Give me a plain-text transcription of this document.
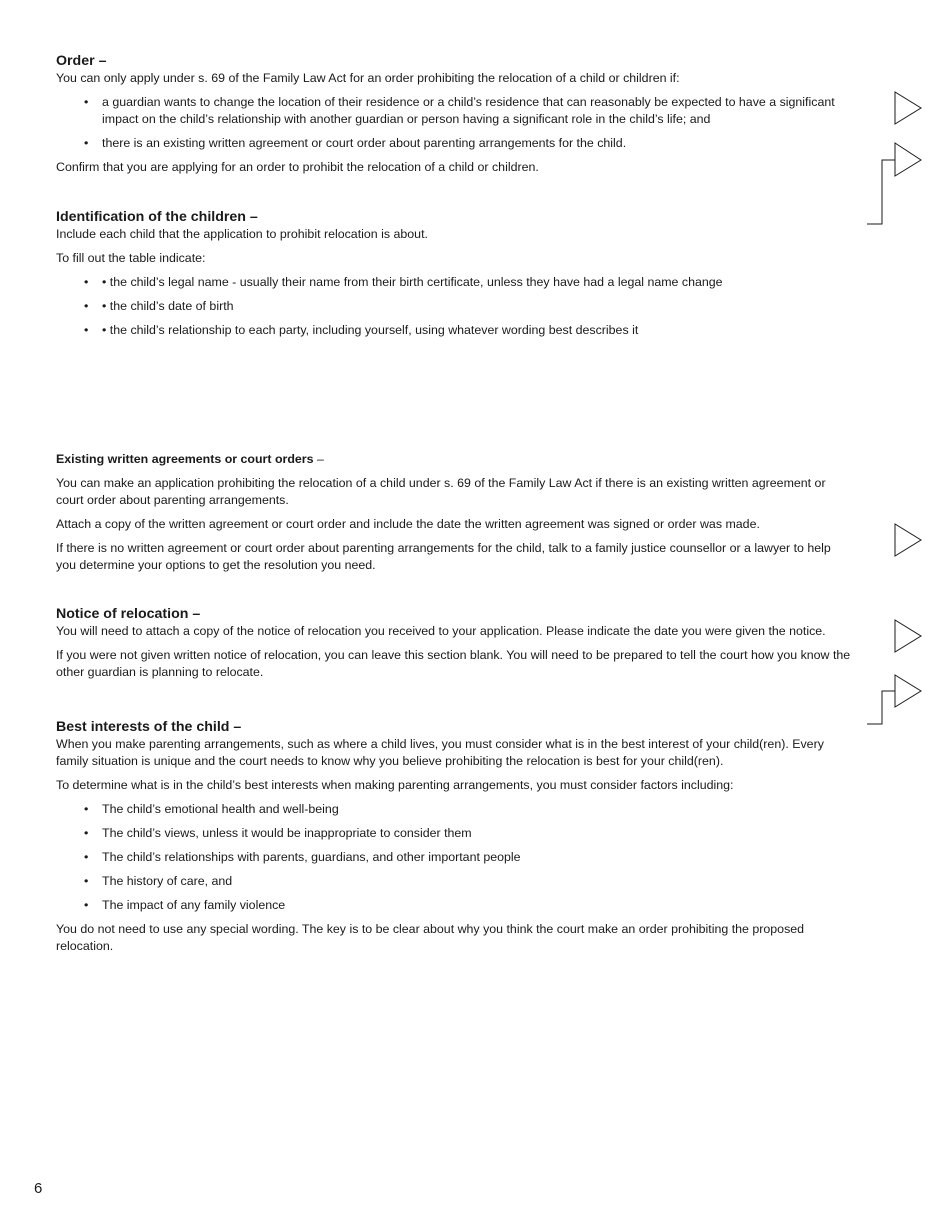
Order –

You can only apply under s. 69 of the Family Law Act for an order prohibiting the relocation of a child or children if:

• a guardian wants to change the location of their residence or a child’s residence that can reasonably be expected to have a significant impact on the child’s relationship with another guardian or person having a significant role in the child’s life; and
• there is an existing written agreement or court order about parenting arrangements for the child.

Confirm that you are applying for an order to prohibit the relocation of a child or children.

Identification of the children –

Include each child that the application to prohibit relocation is about.

To fill out the table indicate:

• • the child’s legal name - usually their name from their birth certificate, unless they have had a legal name change
• • the child’s date of birth
• • the child’s relationship to each party, including yourself, using whatever wording best describes it

Existing written agreements or court orders –

You can make an application prohibiting the relocation of a child under s. 69 of the Family Law Act if there is an existing written agreement or court order about parenting arrangements.

Attach a copy of the written agreement or court order and include the date the written agreement was signed or order was made.

If there is no written agreement or court order about parenting arrangements for the child, talk to a family justice counsellor or a lawyer to help you determine your options to get the resolution you need.

Notice of relocation –

You will need to attach a copy of the notice of relocation you received to your application. Please indicate the date you were given the notice.

If you were not given written notice of relocation, you can leave this section blank. You will need to be prepared to tell the court how you know the other guardian is planning to relocate.

Best interests of the child –

When you make parenting arrangements, such as where a child lives, you must consider what is in the best interest of your child(ren). Every family situation is unique and the court needs to know why you believe prohibiting the relocation is best for your child(ren).

To determine what is in the child’s best interests when making parenting arrangements, you must consider factors including:

• The child’s emotional health and well-being
• The child’s views, unless it would be inappropriate to consider them
• The child’s relationships with parents, guardians, and other important people
• The history of care, and
• The impact of any family violence

You do not need to use any special wording. The key is to be clear about why you think the court make an order prohibiting the proposed relocation.

6
